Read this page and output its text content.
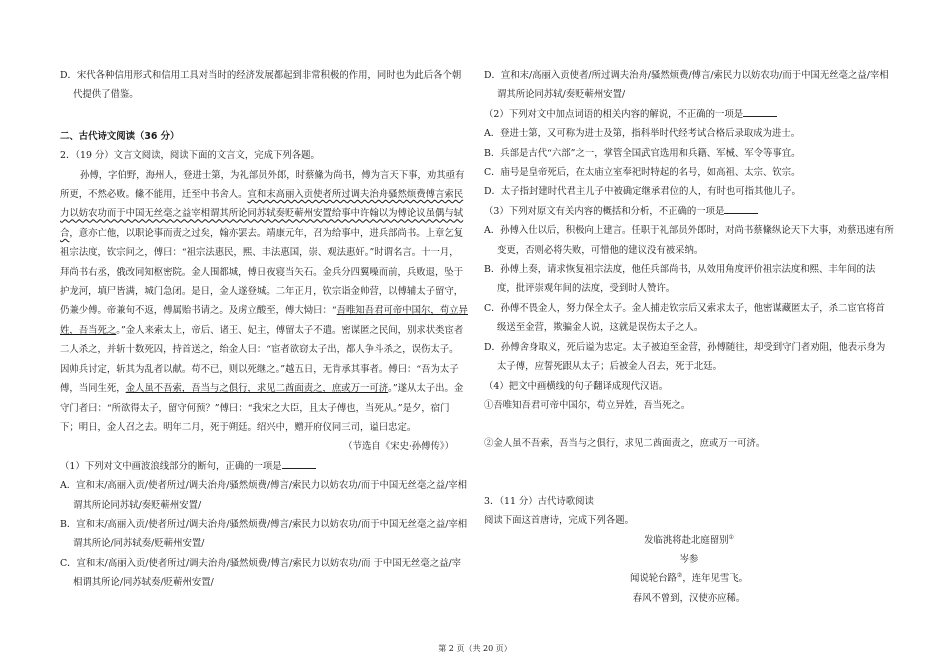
D．宋代各种信用形式和信用工具对当时的经济发展都起到非常积极的作用，同时也为此后各个朝代提供了借鉴。

二、古代诗文阅读（36 分）

2．（19 分）文言文阅读，阅读下面的文言文，完成下列各题。

孙傅，字伯野，海州人，登进士第，为礼部员外郎，时蔡絛为尚书，傅为言天下事，劝其亟有所更，不然必败。絛不能用，迁至中书舍人。宣和末高丽入贡使者所过调夫治舟骚然烦费傅言索民力以妨农功而于中国无丝毫之益宰相谓其所论同苏轼奏贬蕲州安置给事中许翰以为傅论议虽偶与轼合，意亦亡他，以职论事而责之过矣，翰亦罢去。靖康元年，召为给事中，进兵部尚书。上章乞复祖宗法度，钦宗问之，傅曰：“祖宗法惠民，熙、丰法惠国，崇、观法惠奸。”时谓名言。十一月，拜尚书右丞，俄改同知枢密院。金人围都城，傅日夜寝当矢石。金兵分四翼噪而前，兵败退，坠于护龙河，填尸皆满，城门急闭。是日，金人遂登城。二年正月，钦宗诣金帅营，以傅辅太子留守，仍兼少傅。帝兼旬不返，傅属贻书请之。及虏立酸至，傅大恸曰：“吾唯知吾君可帝中国尔，苟立异姓，吾当死之。”金人来索太上，帝后、诸王、妃主，傅留太子不遣。密谋匿之民间，别求状类宦者二人杀之，并斩十数死囚，持首送之，绐金人曰：“宦者欲窃太子出，都人争斗杀之，误伤太子。 因帅兵讨定，斩其为乱者以献。苟不已，则以死继之。”越五日，无肯承其事者。傅曰：“吾为太子傅，当同生死，金人虽不吾索，吾当与之俱行，求见二酋面责之，庶或万一可济。”遂从太子出。金守门者曰：“所欲得太子，留守何预？”傅曰：“我宋之大臣，且太子傅也，当死从。”是夕，宿门下；明日，金人召之去。明年二月，死于朔廷。绍兴中，赠开府仪同三司，谥曰忠定。

（节选自《宋史·孙傅传》）

（1）下列对文中画波浪线部分的断句，正确的一项是

A．宣和末/高丽入贡/使者所过/调夫治舟/骚然烦费/傅言/索民力以妨农功/而于中国无丝毫之益/宰相谓其所论同苏轼/奏贬蕲州安置/

B．宣和末/高丽入贡/使者所过/调夫治舟/骚然烦费/傅言/索民力以妨农功/而于中国无丝毫之益/宰相谓其所论/同苏轼奏/贬蕲州安置/

C．宣和末/高丽入贡/使者所过/调夫治舟/骚然烦费/傅言/索民力以妨农功/而 于中国无丝毫之益/宰相谓其所论/同苏轼奏/贬蕲州安置/

D．宣和末/高丽入贡使者/所过调夫治舟/骚然烦费/傅言/索民力以妨农功/而于中国无丝毫之益/宰相谓其所论同苏轼/奏贬蕲州安置/

（2）下列对文中加点词语的相关内容的解说，不正确的一项是

A．登进士第，又可称为进士及第，指科举时代经考试合格后录取成为进士。

B．兵部是古代“六部”之一，掌管全国武官选用和兵籍、军械、军令等事宜。

C．庙号是皇帝死后，在太庙立室奉祀时特起的名号，如高祖、太宗、钦宗。

D．太子指封建时代君主儿子中被确定继承君位的人，有时也可指其他儿子。

（3）下列对原文有关内容的概括和分析，不正确的一项是

A．孙傅入仕以后，积极向上建言。任职于礼部员外郎时，对尚书蔡絛纵论天下大事，劝蔡迅速有所变更，否则必将失败，可惜他的建议没有被采纳。

B．孙傅上奏，请求恢复祖宗法度，他任兵部尚书，从效用角度评价祖宗法度和熙、丰年间的法度，批评崇观年间的法度，受到时人赞许。

C．孙傅不畏金人，努力保全太子。金人捕走钦宗后又索求太子，他密谋藏匿太子，杀二宦官将首级送至金营，欺骗金人说，这就是误伤太子之人。

D．孙傅舍身取义，死后谥为忠定。太子被迫至金营，孙傅随往，却受到守门者劝阻，他表示身为太子傅，应誓死跟从太子；后被金人召去，死于北廷。

（4）把文中画横线的句子翻译成现代汉语。

①吾唯知吾君可帝中国尔，苟立异姓，吾当死之。

②金人虽不吾索，吾当与之俱行，求见二酋面责之，庶或万一可济。

3．（11 分）古代诗歌阅读

阅读下面这首唐诗，完成下列各题。

发临洮将赴北庭留别①

岑参

闻说轮台路②，连年见雪飞。

春风不曾到，汉使亦应稀。

第 2 页（共 20 页）
